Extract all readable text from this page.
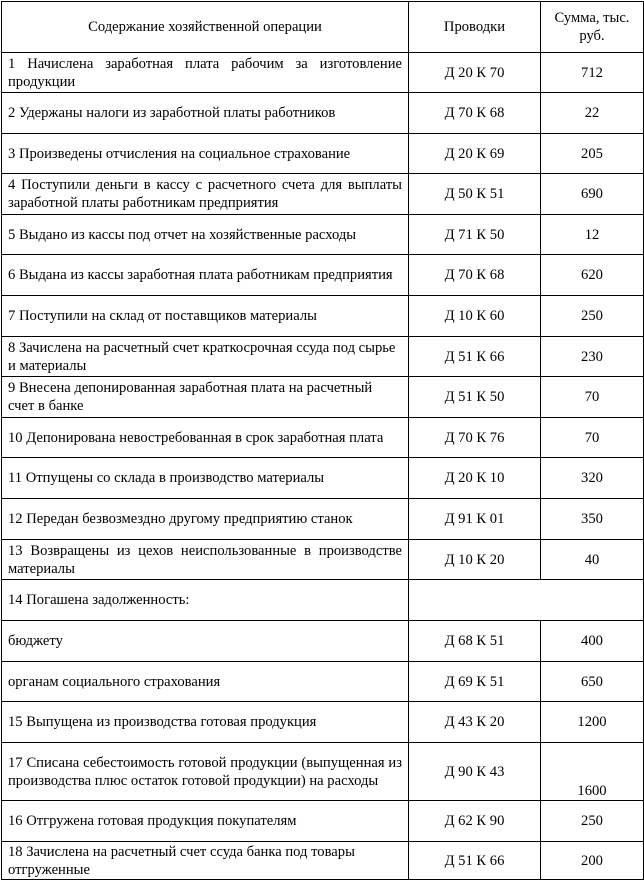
Содержание хозяйственной операции	Проводки	Сумма, тыс. руб.
1 Начислена заработная плата рабочим за изготовление продукции	Д 20 К 70	712
2 Удержаны налоги из заработной платы работников	Д 70 К 68	22
3 Произведены отчисления на социальное страхование	Д 20 К 69	205
4 Поступили деньги в кассу с расчетного счета для выплаты заработной платы работникам предприятия	Д 50 К 51	690
5 Выдано из кассы под отчет на хозяйственные расходы	Д 71 К 50	12
6 Выдана из кассы заработная плата работникам предприятия	Д 70 К 68	620
7 Поступили на склад от поставщиков материалы	Д 10 К 60	250
8 Зачислена на расчетный счет краткосрочная ссуда под сырье и материалы	Д 51 К 66	230
9 Внесена депонированная заработная плата на расчетный счет в банке	Д 51 К 50	70
10 Депонирована невостребованная в срок заработная плата	Д 70 К 76	70
11 Отпущены со склада в производство материалы	Д 20 К 10	320
12 Передан безвозмездно другому предприятию станок	Д 91 К 01	350
13 Возвращены из цехов неиспользованные в производстве материалы	Д 10 К 20	40
14 Погашена задолженность:		
бюджету	Д 68 К 51	400
органам социального страхования	Д 69 К 51	650
15 Выпущена из производства готовая продукция	Д 43 К 20	1200
17 Списана себестоимость готовой продукции (выпущенная из производства плюс остаток готовой продукции) на расходы	Д 90 К 43	1600
16 Отгружена готовая продукция покупателям	Д 62 К 90	250
18 Зачислена на расчетный счет ссуда банка под товары отгруженные	Д 51 К 66	200
